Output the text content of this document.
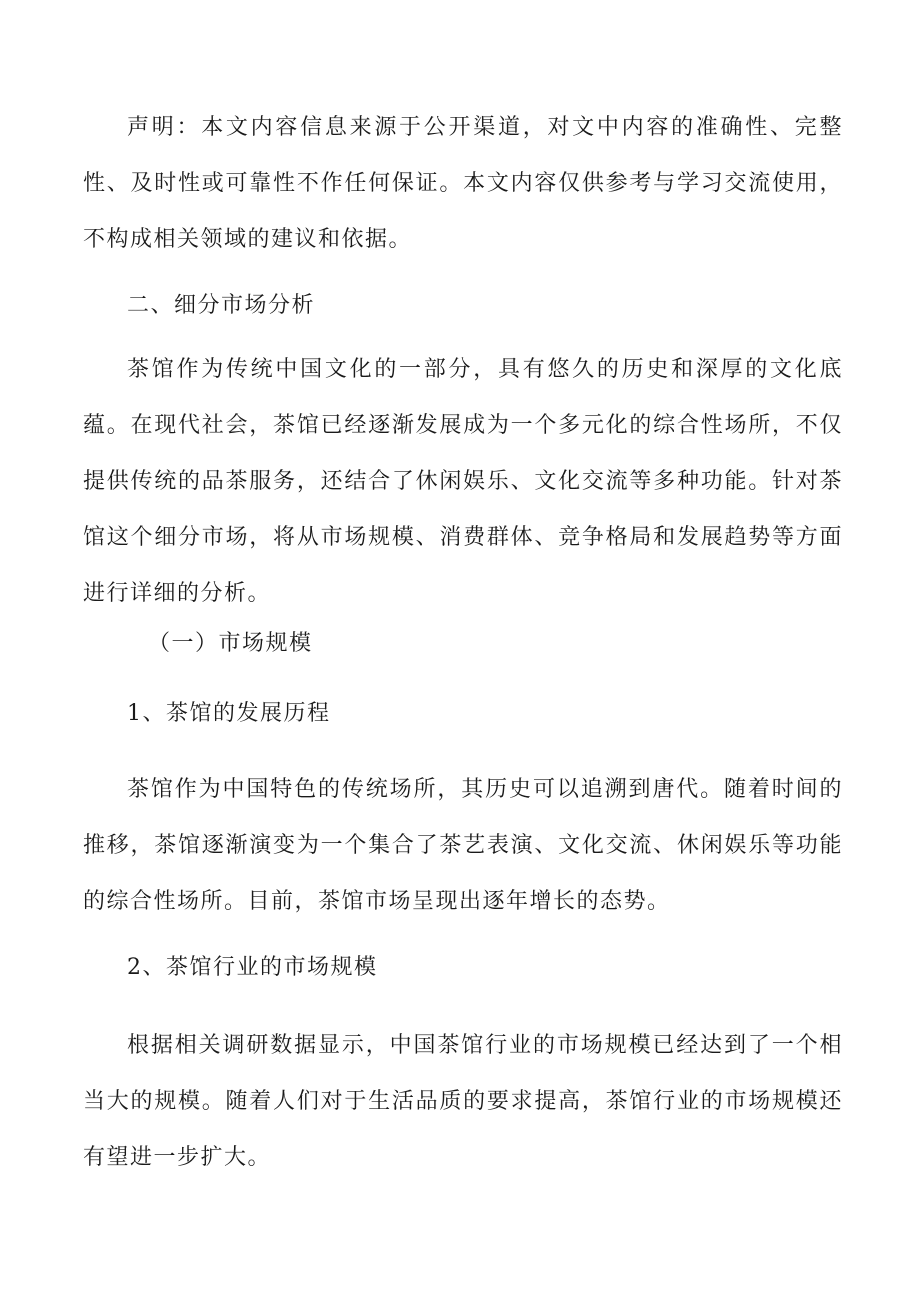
声明：本文内容信息来源于公开渠道，对文中内容的准确性、完整性、及时性或可靠性不作任何保证。本文内容仅供参考与学习交流使用，不构成相关领域的建议和依据。

二、细分市场分析

茶馆作为传统中国文化的一部分，具有悠久的历史和深厚的文化底蕴。在现代社会，茶馆已经逐渐发展成为一个多元化的综合性场所，不仅提供传统的品茶服务，还结合了休闲娱乐、文化交流等多种功能。针对茶馆这个细分市场，将从市场规模、消费群体、竞争格局和发展趋势等方面进行详细的分析。

（一）市场规模

1、茶馆的发展历程

茶馆作为中国特色的传统场所，其历史可以追溯到唐代。随着时间的推移，茶馆逐渐演变为一个集合了茶艺表演、文化交流、休闲娱乐等功能的综合性场所。目前，茶馆市场呈现出逐年增长的态势。

2、茶馆行业的市场规模

根据相关调研数据显示，中国茶馆行业的市场规模已经达到了一个相当大的规模。随着人们对于生活品质的要求提高，茶馆行业的市场规模还有望进一步扩大。
